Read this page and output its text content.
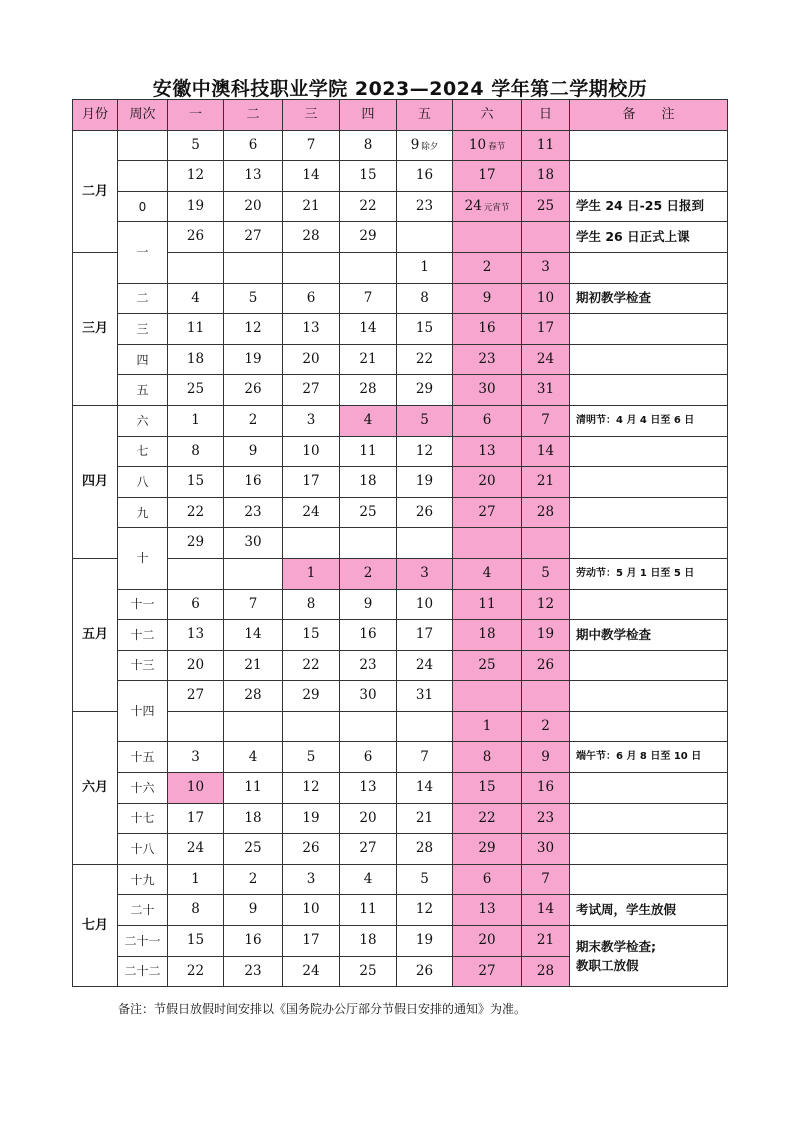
安徽中澳科技职业学院 2023—2024 学年第二学期校历
月份	周次	一	二	三	四	五	六	日	备　　注
二月		5	6	7	8	9 除夕	10 春节	11	
		12	13	14	15	16	17	18	
	0	19	20	21	22	23	24 元宵节	25	学生 24 日-25 日报到
	一	26	27	28	29				学生 26 日正式上课
三月						1	2	3	
	二	4	5	6	7	8	9	10	期初教学检查
	三	11	12	13	14	15	16	17	
	四	18	19	20	21	22	23	24	
	五	25	26	27	28	29	30	31	
四月	六	1	2	3	4	5	6	7	清明节：4 月 4 日至 6 日
	七	8	9	10	11	12	13	14	
	八	15	16	17	18	19	20	21	
	九	22	23	24	25	26	27	28	
	十	29	30						
五月				1	2	3	4	5	劳动节：5 月 1 日至 5 日
	十一	6	7	8	9	10	11	12	
	十二	13	14	15	16	17	18	19	期中教学检查
	十三	20	21	22	23	24	25	26	
	十四	27	28	29	30	31			
六月							1	2	
	十五	3	4	5	6	7	8	9	端午节：6 月 8 日至 10 日
	十六	10	11	12	13	14	15	16	
	十七	17	18	19	20	21	22	23	
	十八	24	25	26	27	28	29	30	
七月	十九	1	2	3	4	5	6	7	
	二十	8	9	10	11	12	13	14	考试周，学生放假
	二十一	15	16	17	18	19	20	21	期末教学检查;
教职工放假

	二十二	22	23	24	25	26	27	28	
备注：节假日放假时间安排以《国务院办公厅部分节假日安排的通知》为准。
